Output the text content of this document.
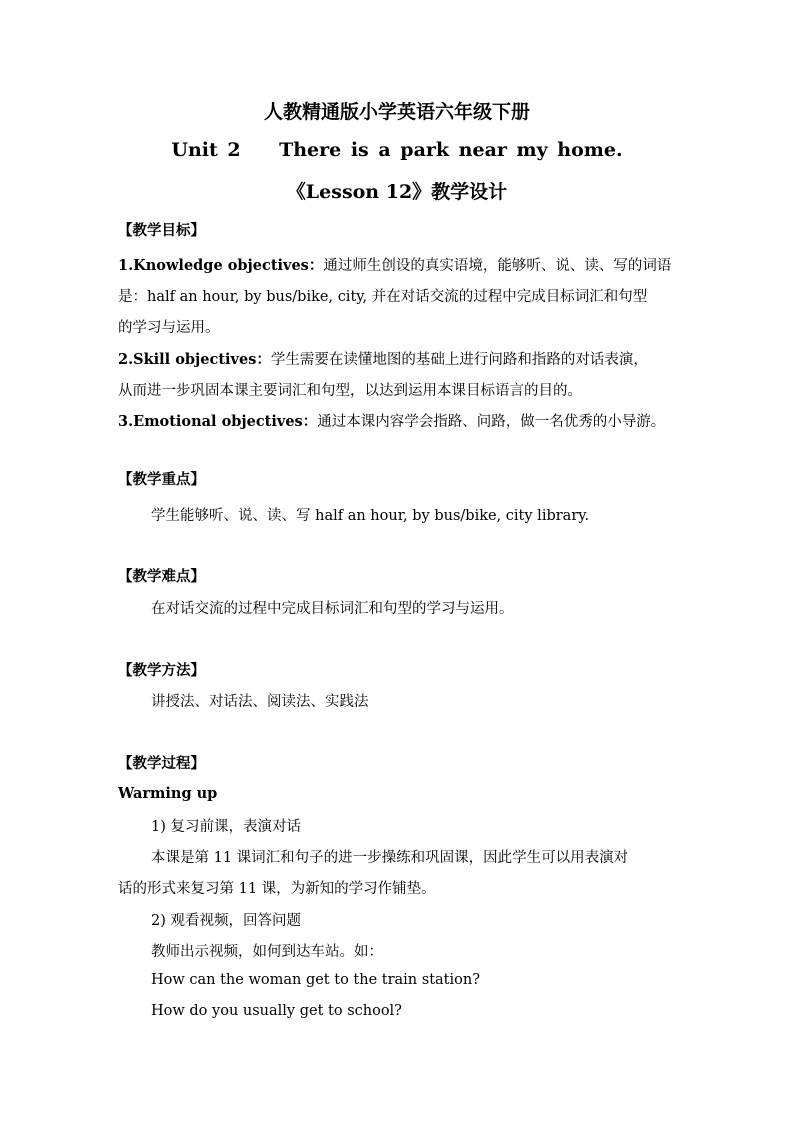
人教精通版小学英语六年级下册
Unit 2    There is a park near my home.
《Lesson 12》教学设计
【教学目标】
1.Knowledge objectives：通过师生创设的真实语境，能够听、说、读、写的词语
是：half an hour, by bus/bike, city, 并在对话交流的过程中完成目标词汇和句型
的学习与运用。
2.Skill objectives：学生需要在读懂地图的基础上进行问路和指路的对话表演，
从而进一步巩固本课主要词汇和句型，以达到运用本课目标语言的目的。
3.Emotional objectives：通过本课内容学会指路、问路，做一名优秀的小导游。
【教学重点】
学生能够听、说、读、写 half an hour, by bus/bike, city library.
【教学难点】
在对话交流的过程中完成目标词汇和句型的学习与运用。
【教学方法】
讲授法、对话法、阅读法、实践法
【教学过程】
Warming up
1) 复习前课，表演对话
本课是第 11 课词汇和句子的进一步操练和巩固课，因此学生可以用表演对
话的形式来复习第 11 课，为新知的学习作铺垫。
2) 观看视频，回答问题
教师出示视频，如何到达车站。如：
How can the woman get to the train station?
How do you usually get to school?
